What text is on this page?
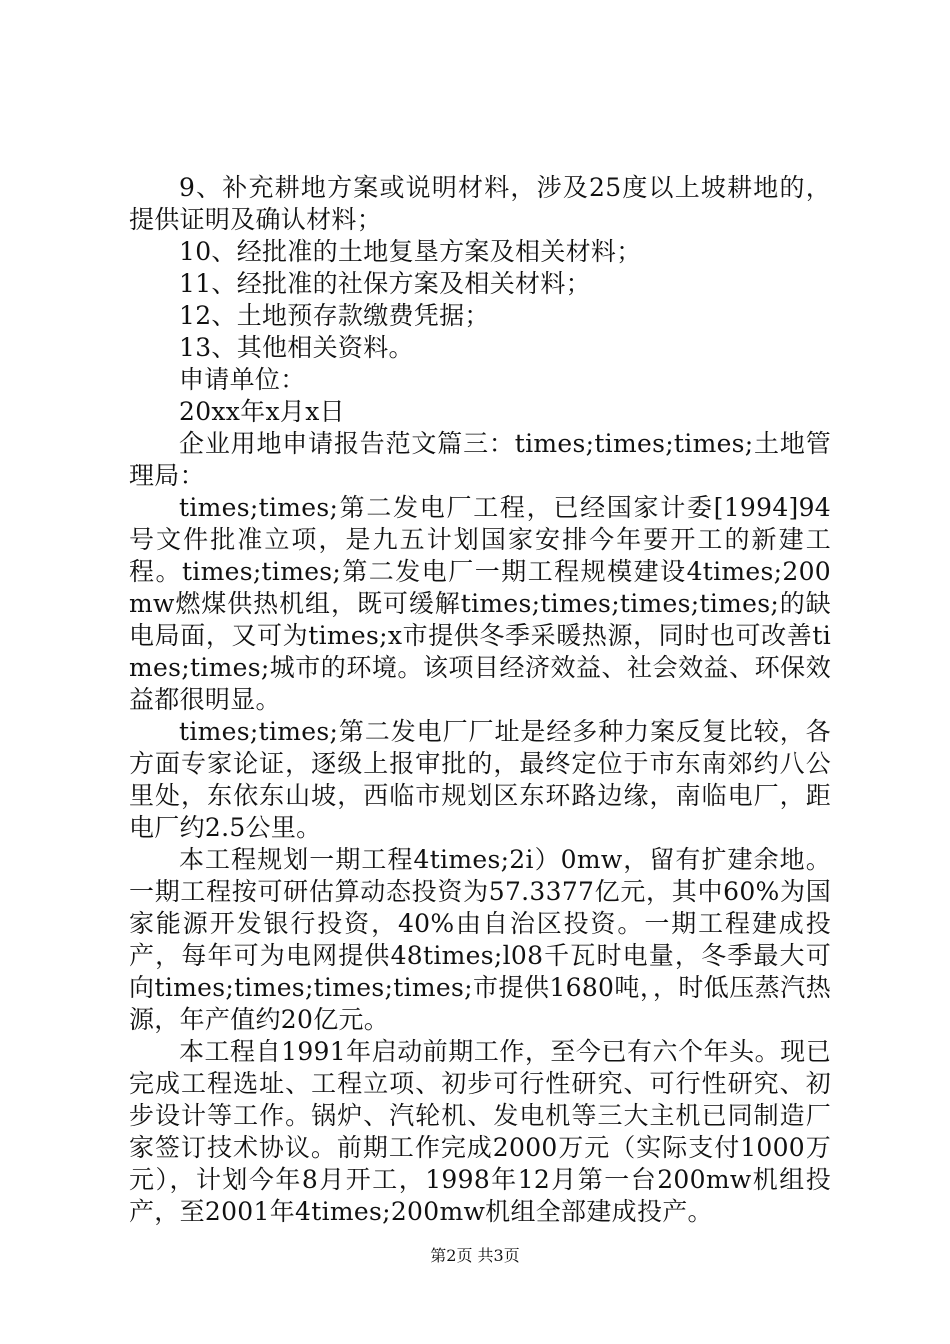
9、补充耕地方案或说明材料，涉及25度以上坡耕地的，提供证明及确认材料；

10、经批准的土地复垦方案及相关材料；

11、经批准的社保方案及相关材料；

12、土地预存款缴费凭据；

13、其他相关资料。

申请单位：

20xx年x月x日

企业用地申请报告范文篇三：times;times;times;土地管理局：

times;times;第二发电厂工程，已经国家计委[1994]94号文件批准立项，是九五计划国家安排今年要开工的新建工程。times;times;第二发电厂一期工程规模建设4times;200mw燃煤供热机组，既可缓解times;times;times;times;的缺电局面，又可为times;x市提供冬季采暖热源，同时也可改善times;times;城市的环境。该项目经济效益、社会效益、环保效益都很明显。

times;times;第二发电厂厂址是经多种力案反复比较，各方面专家论证，逐级上报审批的，最终定位于市东南郊约八公里处，东依东山坡，西临市规划区东环路边缘，南临电厂，距电厂约2.5公里。

本工程规划一期工程4times;2i）0mw，留有扩建余地。一期工程按可研估算动态投资为57.3377亿元，其中60%为国家能源开发银行投资，40%由自治区投资。一期工程建成投产，每年可为电网提供48times;l08千瓦时电量，冬季最大可向times;times;times;times;市提供1680吨，，时低压蒸汽热源，年产值约20亿元。

本工程自1991年启动前期工作，至今已有六个年头。现已完成工程选址、工程立项、初步可行性研究、可行性研究、初步设计等工作。锅炉、汽轮机、发电机等三大主机已同制造厂家签订技术协议。前期工作完成2000万元（实际支付1000万元），计划今年8月开工，1998年12月第一台200mw机组投产，至2001年4times;200mw机组全部建成投产。

第2页 共3页
